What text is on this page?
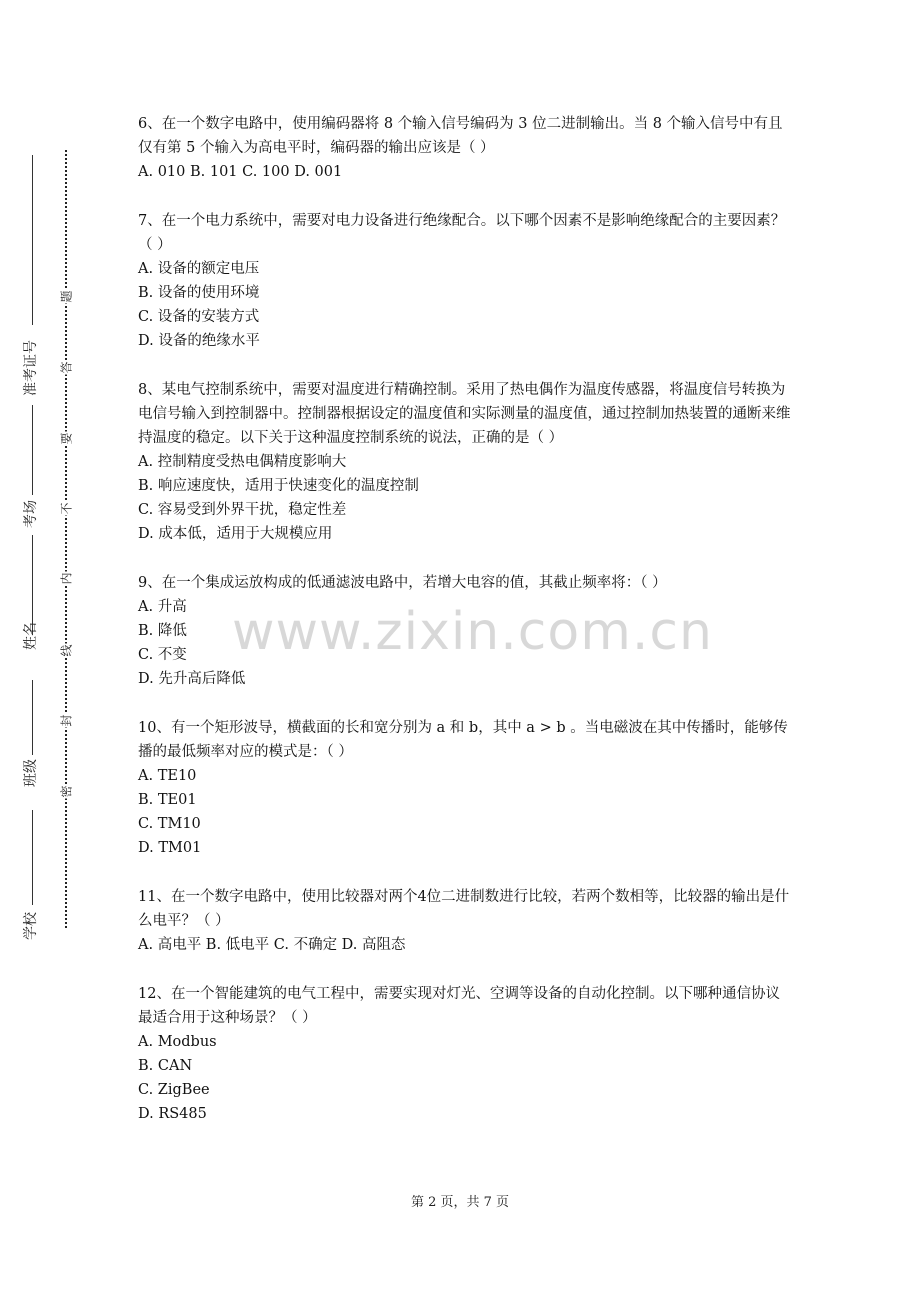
准考证号
考场
姓名
班级
学校
题
答
要
不
内
线
封
密
6、在一个数字电路中，使用编码器将 8 个输入信号编码为 3 位二进制输出。当 8 个输入信号中有且仅有第 5 个输入为高电平时，编码器的输出应该是（ ）
A. 010 B. 101 C. 100 D. 001
7、在一个电力系统中，需要对电力设备进行绝缘配合。以下哪个因素不是影响绝缘配合的主要因素？（ ）
A. 设备的额定电压
B. 设备的使用环境
C. 设备的安装方式
D. 设备的绝缘水平
8、某电气控制系统中，需要对温度进行精确控制。采用了热电偶作为温度传感器，将温度信号转换为电信号输入到控制器中。控制器根据设定的温度值和实际测量的温度值，通过控制加热装置的通断来维持温度的稳定。以下关于这种温度控制系统的说法，正确的是（ ）
A. 控制精度受热电偶精度影响大
B. 响应速度快，适用于快速变化的温度控制
C. 容易受到外界干扰，稳定性差
D. 成本低，适用于大规模应用
9、在一个集成运放构成的低通滤波电路中，若增大电容的值，其截止频率将：（ ）
A. 升高
B. 降低
C. 不变
D. 先升高后降低
10、有一个矩形波导，横截面的长和宽分别为 a 和 b，其中 a > b 。当电磁波在其中传播时，能够传播的最低频率对应的模式是：（ ）
A. TE10
B. TE01
C. TM10
D. TM01
11、在一个数字电路中，使用比较器对两个4位二进制数进行比较，若两个数相等，比较器的输出是什么电平？（ ）
A. 高电平 B. 低电平 C. 不确定 D. 高阻态
12、在一个智能建筑的电气工程中，需要实现对灯光、空调等设备的自动化控制。以下哪种通信协议最适合用于这种场景？（ ）
A. Modbus
B. CAN
C. ZigBee
D. RS485
www.zixin.com.cn
第 2 页，共 7 页
